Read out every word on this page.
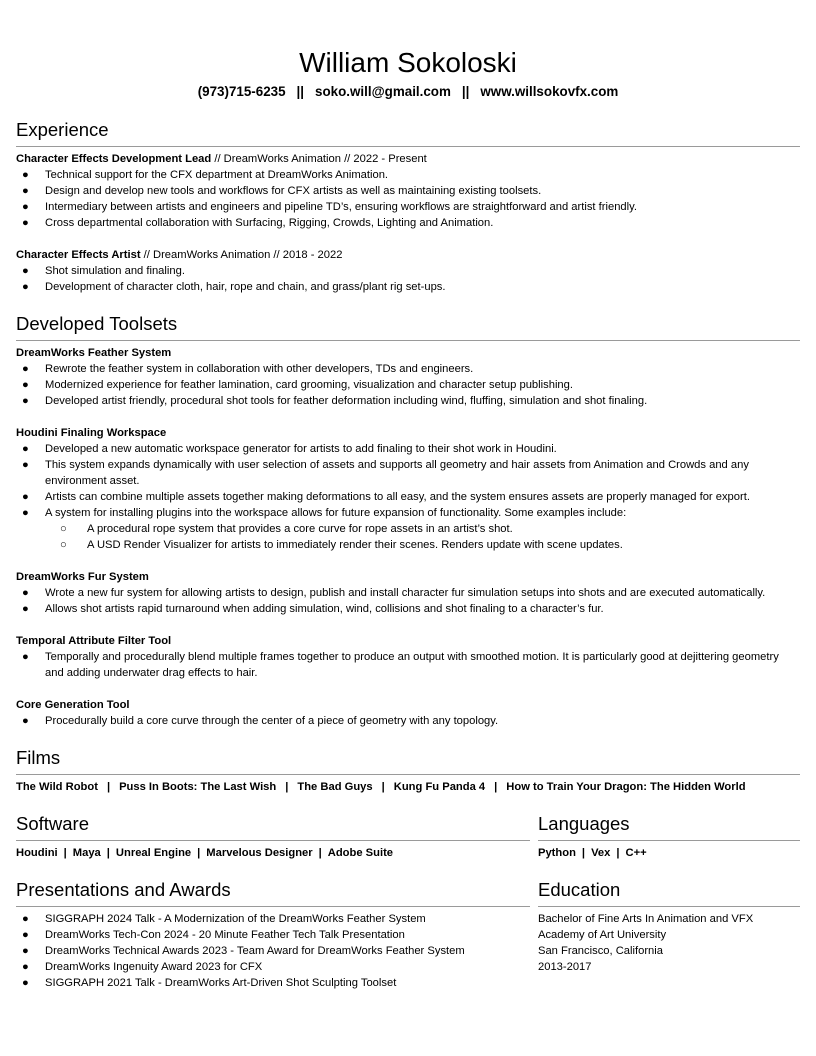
William Sokoloski
(973)715-6235 || soko.will@gmail.com || www.willsokovfx.com
Experience
Character Effects Development Lead // DreamWorks Animation // 2022 - Present
● Technical support for the CFX department at DreamWorks Animation.
● Design and develop new tools and workflows for CFX artists as well as maintaining existing toolsets.
● Intermediary between artists and engineers and pipeline TD’s, ensuring workflows are straightforward and artist friendly.
● Cross departmental collaboration with Surfacing, Rigging, Crowds, Lighting and Animation.
Character Effects Artist // DreamWorks Animation // 2018 - 2022
● Shot simulation and finaling.
● Development of character cloth, hair, rope and chain, and grass/plant rig set-ups.
Developed Toolsets
DreamWorks Feather System
● Rewrote the feather system in collaboration with other developers, TDs and engineers.
● Modernized experience for feather lamination, card grooming, visualization and character setup publishing.
● Developed artist friendly, procedural shot tools for feather deformation including wind, fluffing, simulation and shot finaling.
Houdini Finaling Workspace
● Developed a new automatic workspace generator for artists to add finaling to their shot work in Houdini.
● This system expands dynamically with user selection of assets and supports all geometry and hair assets from Animation and Crowds and any environment asset.
● Artists can combine multiple assets together making deformations to all easy, and the system ensures assets are properly managed for export.
● A system for installing plugins into the workspace allows for future expansion of functionality. Some examples include:
○ A procedural rope system that provides a core curve for rope assets in an artist’s shot.
○ A USD Render Visualizer for artists to immediately render their scenes. Renders update with scene updates.
DreamWorks Fur System
● Wrote a new fur system for allowing artists to design, publish and install character fur simulation setups into shots and are executed automatically.
● Allows shot artists rapid turnaround when adding simulation, wind, collisions and shot finaling to a character’s fur.
Temporal Attribute Filter Tool
● Temporally and procedurally blend multiple frames together to produce an output with smoothed motion. It is particularly good at dejittering geometry and adding underwater drag effects to hair.
Core Generation Tool
● Procedurally build a core curve through the center of a piece of geometry with any topology.
Films
The Wild Robot | Puss In Boots: The Last Wish | The Bad Guys | Kung Fu Panda 4 | How to Train Your Dragon: The Hidden World
Software
Houdini | Maya | Unreal Engine | Marvelous Designer | Adobe Suite
Languages
Python | Vex | C++
Presentations and Awards
● SIGGRAPH 2024 Talk - A Modernization of the DreamWorks Feather System
● DreamWorks Tech-Con 2024 - 20 Minute Feather Tech Talk Presentation
● DreamWorks Technical Awards 2023 - Team Award for DreamWorks Feather System
● DreamWorks Ingenuity Award 2023 for CFX
● SIGGRAPH 2021 Talk - DreamWorks Art-Driven Shot Sculpting Toolset
Education
Bachelor of Fine Arts In Animation and VFX
Academy of Art University
San Francisco, California
2013-2017
